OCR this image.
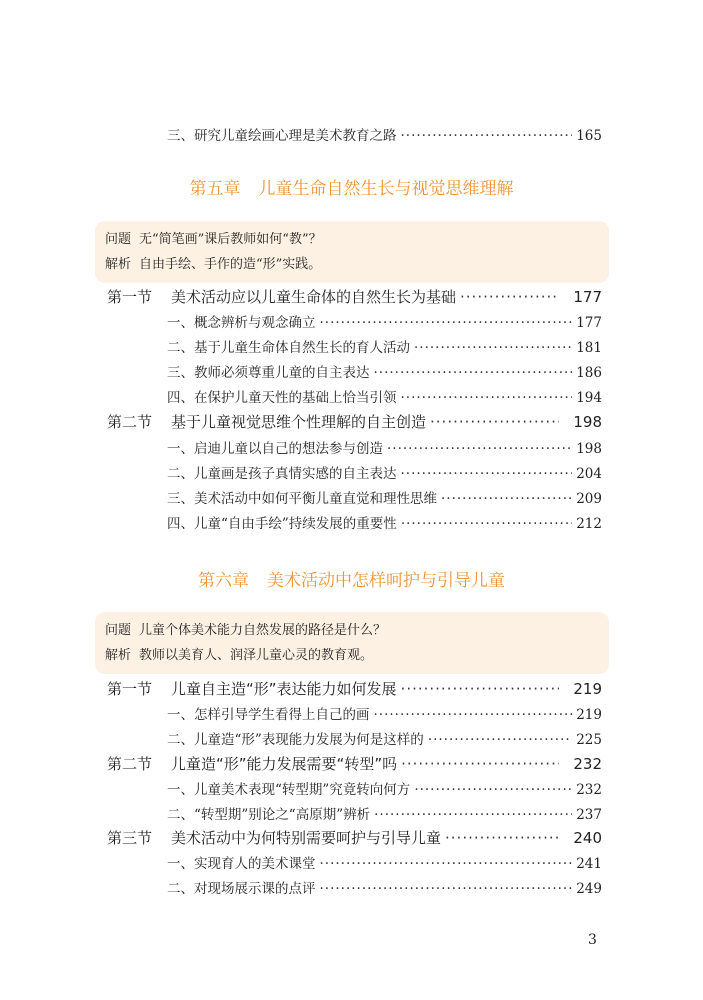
三、研究儿童绘画心理是美术教育之路 ·····	165
第五章 儿童生命自然生长与视觉思维理解
问题 无“简笔画”课后教师如何“教”？
解析 自由手绘、手作的造“形”实践。
第一节	美术活动应以儿童生命体的自然生长为基础 ·····	177
一、概念辨析与观念确立 ·····	177
二、基于儿童生命体自然生长的育人活动 ·····	181
三、教师必须尊重儿童的自主表达 ·····	186
四、在保护儿童天性的基础上恰当引领 ·····	194
第二节	基于儿童视觉思维个性理解的自主创造 ·····	198
一、启迪儿童以自己的想法参与创造 ·····	198
二、儿童画是孩子真情实感的自主表达 ·····	204
三、美术活动中如何平衡儿童直觉和理性思维 ·····	209
四、儿童“自由手绘”持续发展的重要性 ·····	212
第六章 美术活动中怎样呵护与引导儿童
问题 儿童个体美术能力自然发展的路径是什么？
解析 教师以美育人、润泽儿童心灵的教育观。
第一节	儿童自主造“形”表达能力如何发展 ·····	219
一、怎样引导学生看得上自己的画 ·····	219
二、儿童造“形”表现能力发展为何是这样的 ·····	225
第二节	儿童造“形”能力发展需要“转型”吗 ·····	232
一、儿童美术表现“转型期”究竟转向何方 ·····	232
二、“转型期”别论之“高原期”辨析 ·····	237
第三节	美术活动中为何特别需要呵护与引导儿童 ·····	240
一、实现育人的美术课堂 ·····	241
二、对现场展示课的点评 ·····	249
3
